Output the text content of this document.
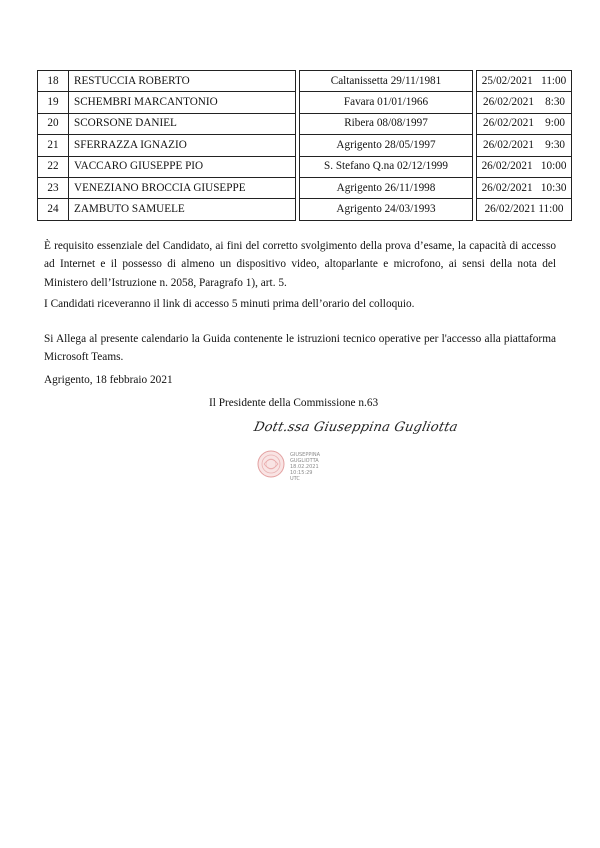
18	RESTUCCIA ROBERTO		Caltanissetta 29/11/1981		25/02/2021   11:00
19	SCHEMBRI MARCANTONIO		Favara 01/01/1966		26/02/2021    8:30
20	SCORSONE DANIEL		Ribera 08/08/1997		26/02/2021    9:00
21	SFERRAZZA IGNAZIO		Agrigento 28/05/1997		26/02/2021    9:30
22	VACCARO GIUSEPPE PIO		S. Stefano Q.na 02/12/1999		26/02/2021   10:00
23	VENEZIANO BROCCIA GIUSEPPE		Agrigento 26/11/1998		26/02/2021   10:30
24	ZAMBUTO SAMUELE		Agrigento 24/03/1993		26/02/2021 11:00

È requisito essenziale del Candidato, ai fini del corretto svolgimento della prova d’esame, la capacità di accesso ad Internet e il possesso di almeno un dispositivo video, altoparlante e microfono, ai sensi della nota del Ministero dell’Istruzione n. 2058, Paragrafo 1), art. 5.

I Candidati riceveranno il link di accesso 5 minuti prima dell’orario del colloquio.

Si Allega al presente calendario la Guida contenente le istruzioni tecnico operative per l'accesso alla piattaforma Microsoft Teams.

Agrigento, 18 febbraio 2021

Il Presidente della Commissione n.63
Dott.ssa Giuseppina Gugliotta
GIUSEPPINA
GUGLIOTTA
18.02.2021
10:15:29
UTC
